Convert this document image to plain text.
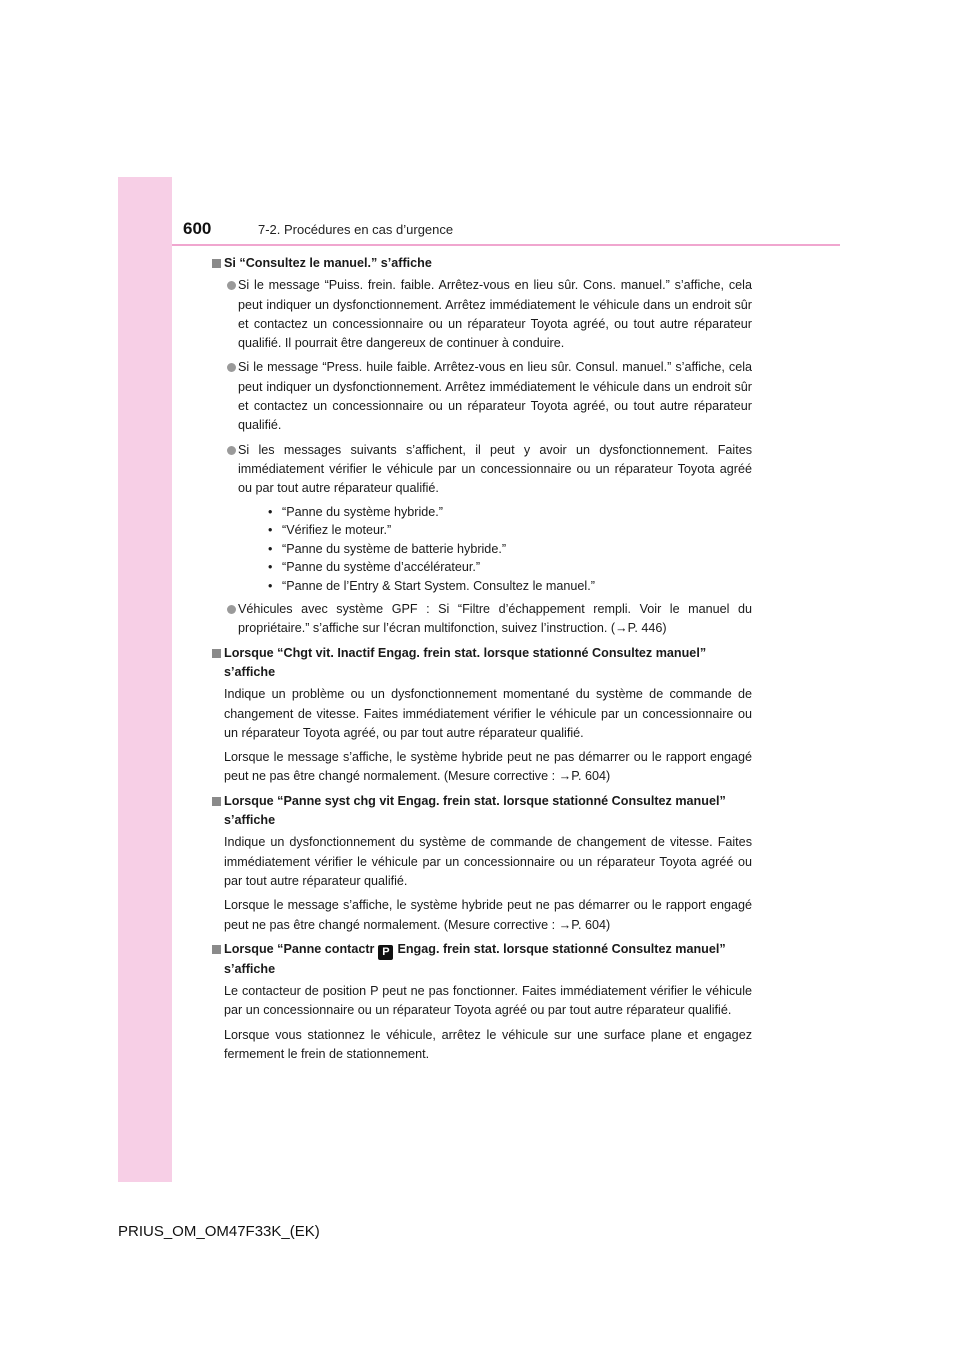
600	7-2. Procédures en cas d’urgence
Si “Consultez le manuel.” s’affiche
Si le message “Puiss. frein. faible. Arrêtez-vous en lieu sûr. Cons. manuel.” s’affiche, cela peut indiquer un dysfonctionnement. Arrêtez immédiatement le véhicule dans un endroit sûr et contactez un concessionnaire ou un réparateur Toyota agréé, ou tout autre réparateur qualifié. Il pourrait être dangereux de continuer à conduire.
Si le message “Press. huile faible. Arrêtez-vous en lieu sûr. Consul. manuel.” s’affiche, cela peut indiquer un dysfonctionnement. Arrêtez immédiatement le véhicule dans un endroit sûr et contactez un concessionnaire ou un réparateur Toyota agréé, ou tout autre réparateur qualifié.
Si les messages suivants s’affichent, il peut y avoir un dysfonctionnement. Faites immédiatement vérifier le véhicule par un concessionnaire ou un réparateur Toyota agréé ou par tout autre réparateur qualifié.
• “Panne du système hybride.”
• “Vérifiez le moteur.”
• “Panne du système de batterie hybride.”
• “Panne du système d’accélérateur.”
• “Panne de l’Entry & Start System. Consultez le manuel.”
Véhicules avec système GPF : Si “Filtre d’échappement rempli. Voir le manuel du propriétaire.” s’affiche sur l’écran multifonction, suivez l’instruction. (→P. 446)
Lorsque “Chgt vit. Inactif Engag. frein stat. lorsque stationné Consultez manuel” s’affiche

Indique un problème ou un dysfonctionnement momentané du système de commande de changement de vitesse. Faites immédiatement vérifier le véhicule par un concessionnaire ou un réparateur Toyota agréé, ou par tout autre réparateur qualifié.

Lorsque le message s’affiche, le système hybride peut ne pas démarrer ou le rapport engagé peut ne pas être changé normalement. (Mesure corrective : →P. 604)

Lorsque “Panne syst chg vit Engag. frein stat. lorsque stationné Consultez manuel” s’affiche

Indique un dysfonctionnement du système de commande de changement de vitesse. Faites immédiatement vérifier le véhicule par un concessionnaire ou un réparateur Toyota agréé ou par tout autre réparateur qualifié.

Lorsque le message s’affiche, le système hybride peut ne pas démarrer ou le rapport engagé peut ne pas être changé normalement. (Mesure corrective : →P. 604)

Lorsque “Panne contactr P Engag. frein stat. lorsque stationné Consultez manuel” s’affiche

Le contacteur de position P peut ne pas fonctionner. Faites immédiatement vérifier le véhicule par un concessionnaire ou un réparateur Toyota agréé ou par tout autre réparateur qualifié.

Lorsque vous stationnez le véhicule, arrêtez le véhicule sur une surface plane et engagez fermement le frein de stationnement.

PRIUS_OM_OM47F33K_(EK)
